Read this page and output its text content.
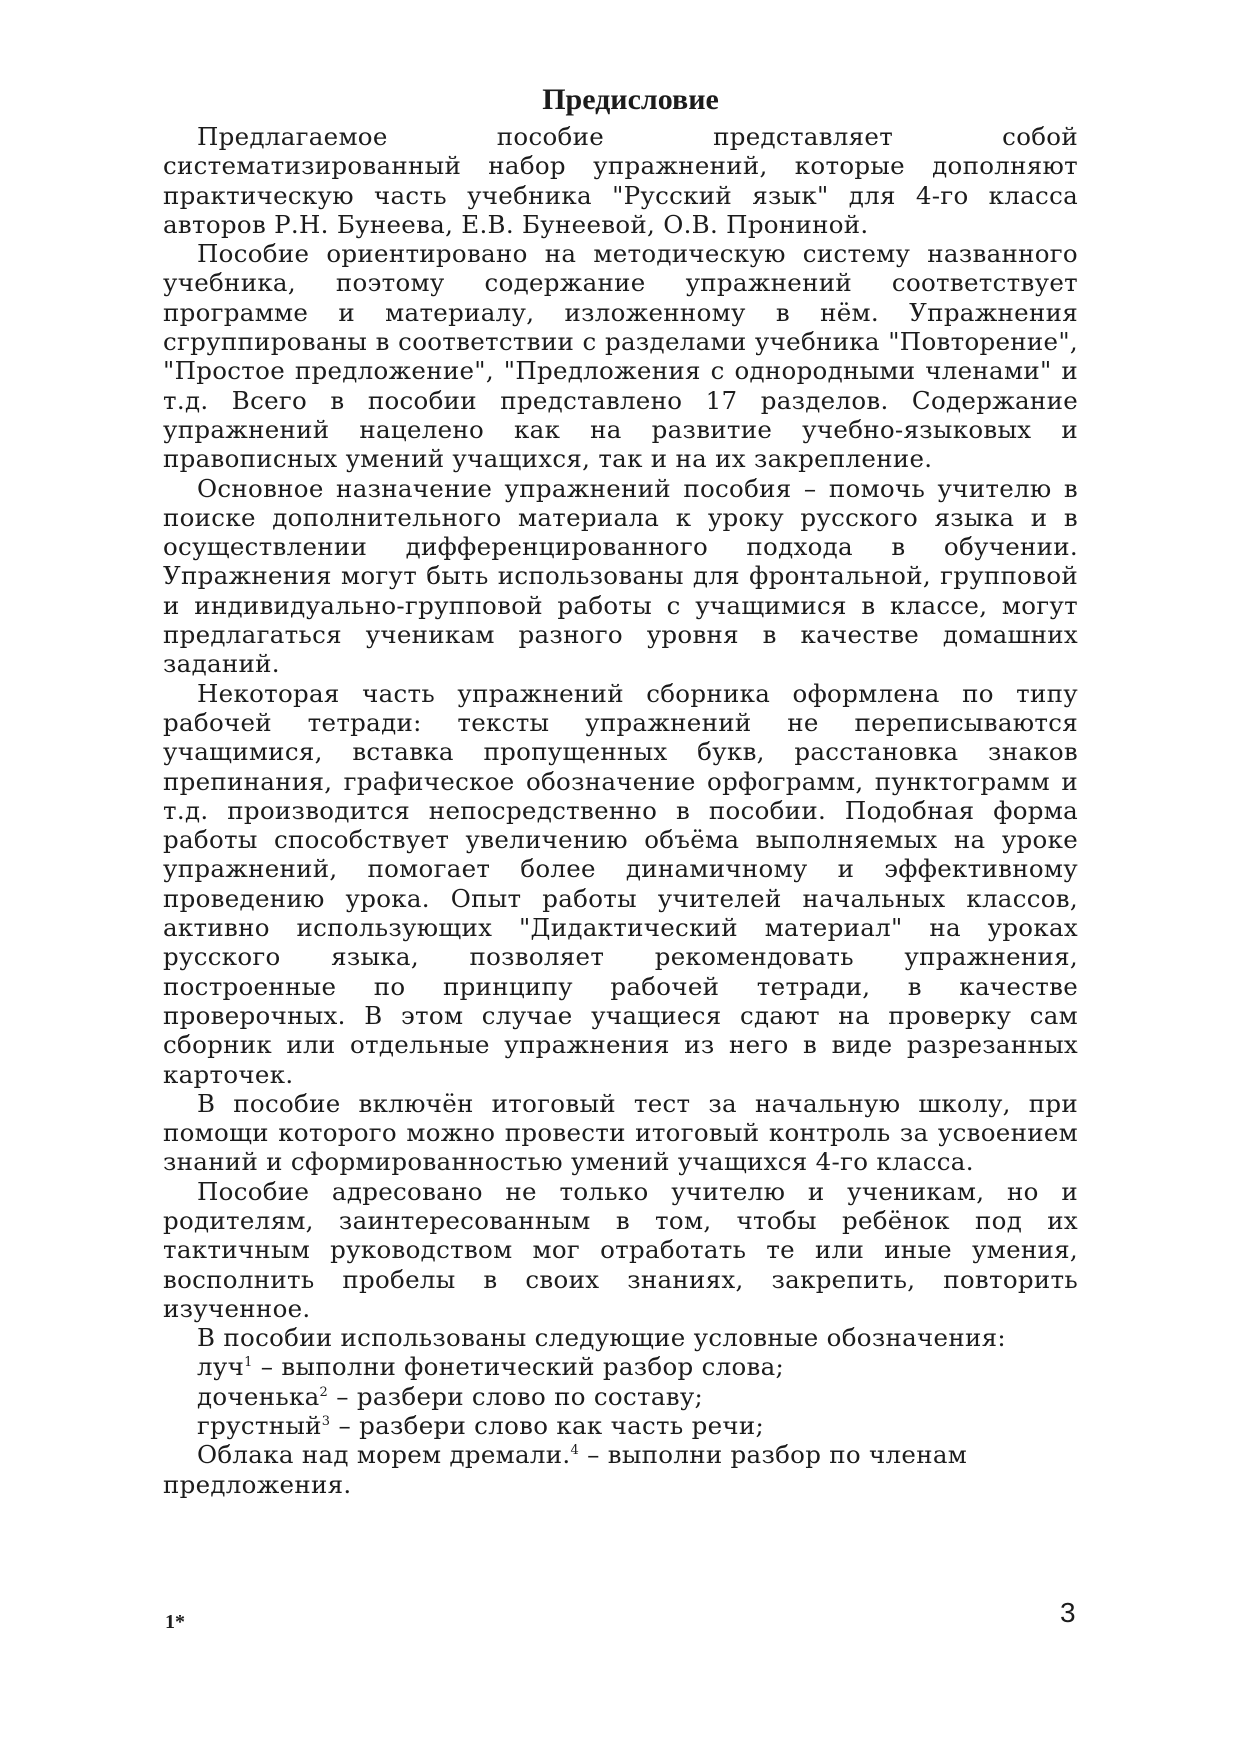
Предисловие

Предлагаемое пособие представляет собой систематизированный набор упражнений, которые дополняют практическую часть учебника "Русский язык" для 4-го класса авторов Р.Н. Бунеева, Е.В. Бунеевой, О.В. Прониной.

Пособие ориентировано на методическую систему названного учебника, поэтому содержание упражнений соответствует программе и материалу, изложенному в нём. Упражнения сгруппированы в соответствии с разделами учебника "Повторение", "Простое предложение", "Предложения с однородными членами" и т.д. Всего в пособии представлено 17 разделов. Содержание упражнений нацелено как на развитие учебно-языковых и правописных умений учащихся, так и на их закрепление.

Основное назначение упражнений пособия – помочь учителю в поиске дополнительного материала к уроку русского языка и в осуществлении дифференцированного подхода в обучении. Упражнения могут быть использованы для фронтальной, групповой и индивидуально-групповой работы с учащимися в классе, могут предлагаться ученикам разного уровня в качестве домашних заданий.

Некоторая часть упражнений сборника оформлена по типу рабочей тетради: тексты упражнений не переписываются учащимися, вставка пропущенных букв, расстановка знаков препинания, графическое обозначение орфограмм, пунктограмм и т.д. производится непосредственно в пособии. Подобная форма работы способствует увеличению объёма выполняемых на уроке упражнений, помогает более динамичному и эффективному проведению урока. Опыт работы учителей начальных классов, активно использующих "Дидактический материал" на уроках русского языка, позволяет рекомендовать упражнения, построенные по принципу рабочей тетради, в качестве проверочных. В этом случае учащиеся сдают на проверку сам сборник или отдельные упражнения из него в виде разрезанных карточек.

В пособие включён итоговый тест за начальную школу, при помощи которого можно провести итоговый контроль за усвоением знаний и сформированностью умений учащихся 4-го класса.

Пособие адресовано не только учителю и ученикам, но и родителям, заинтересованным в том, чтобы ребёнок под их тактичным руководством мог отработать те или иные умения, восполнить пробелы в своих знаниях, закрепить, повторить изученное.

В пособии использованы следующие условные обозначения:

луч$^1$ – выполни фонетический разбор слова;

доченька$^2$ – разбери слово по составу;

грустный$^3$ – разбери слово как часть речи;

Облака над морем дремали.$^4$ – выполни разбор по членам предложения.

1*	3
